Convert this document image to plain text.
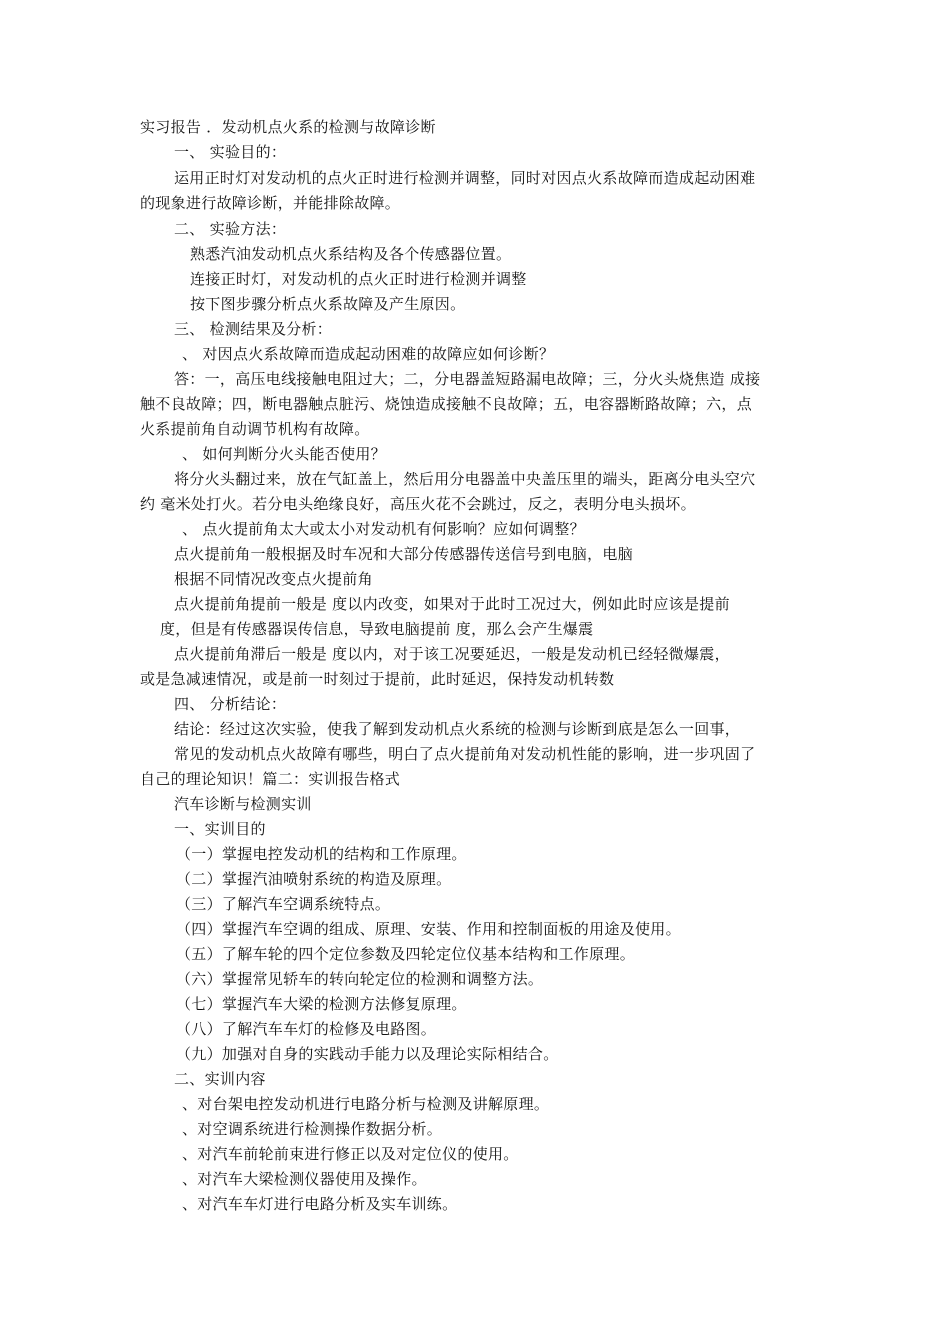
实习报告 ．发动机点火系的检测与故障诊断
一、 实验目的：
运用正时灯对发动机的点火正时进行检测并调整，同时对因点火系故障而造成起动困难
的现象进行故障诊断，并能排除故障。
二、 实验方法：
熟悉汽油发动机点火系结构及各个传感器位置。
连接正时灯，对发动机的点火正时进行检测并调整
按下图步骤分析点火系故障及产生原因。
三、 检测结果及分析：
、 对因点火系故障而造成起动困难的故障应如何诊断？
答：一，高压电线接触电阻过大；二，分电器盖短路漏电故障；三，分火头烧焦造 成接
触不良故障；四，断电器触点脏污、烧蚀造成接触不良故障；五，电容器断路故障；六，点
火系提前角自动调节机构有故障。
、 如何判断分火头能否使用？
将分火头翻过来，放在气缸盖上，然后用分电器盖中央盖压里的端头，距离分电头空穴
约 毫米处打火。若分电头绝缘良好，高压火花不会跳过，反之，表明分电头损坏。
、 点火提前角太大或太小对发动机有何影响？应如何调整？
点火提前角一般根据及时车况和大部分传感器传送信号到电脑，电脑
根据不同情况改变点火提前角
点火提前角提前一般是 度以内改变，如果对于此时工况过大，例如此时应该是提前
度，但是有传感器误传信息，导致电脑提前 度，那么会产生爆震
点火提前角滞后一般是 度以内，对于该工况要延迟，一般是发动机已经轻微爆震，
或是急减速情况，或是前一时刻过于提前，此时延迟，保持发动机转数
四、 分析结论：
结论：经过这次实验，使我了解到发动机点火系统的检测与诊断到底是怎么一回事，
常见的发动机点火故障有哪些，明白了点火提前角对发动机性能的影响，进一步巩固了
自己的理论知识！篇二：实训报告格式
汽车诊断与检测实训
一、实训目的
（一）掌握电控发动机的结构和工作原理。
（二）掌握汽油喷射系统的构造及原理。
（三）了解汽车空调系统特点。
（四）掌握汽车空调的组成、原理、安装、作用和控制面板的用途及使用。
（五）了解车轮的四个定位参数及四轮定位仪基本结构和工作原理。
（六）掌握常见轿车的转向轮定位的检测和调整方法。
（七）掌握汽车大梁的检测方法修复原理。
（八）了解汽车车灯的检修及电路图。
（九）加强对自身的实践动手能力以及理论实际相结合。
二、实训内容
、对台架电控发动机进行电路分析与检测及讲解原理。
、对空调系统进行检测操作数据分析。
、对汽车前轮前束进行修正以及对定位仪的使用。
、对汽车大梁检测仪器使用及操作。
、对汽车车灯进行电路分析及实车训练。
